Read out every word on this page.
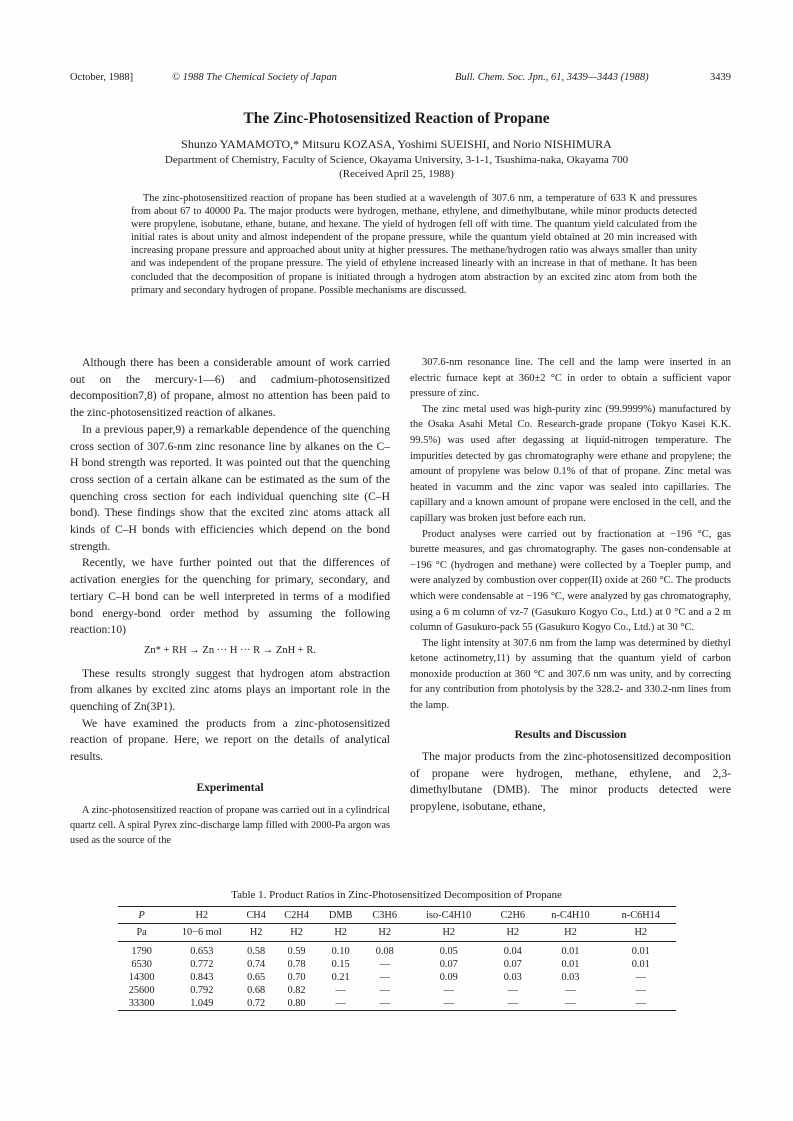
October, 1988]	© 1988 The Chemical Society of Japan	Bull. Chem. Soc. Jpn., 61, 3439—3443 (1988)	3439
The Zinc-Photosensitized Reaction of Propane
Shunzo YAMAMOTO,* Mitsuru KOZASA, Yoshimi SUEISHI, and Norio NISHIMURA
Department of Chemistry, Faculty of Science, Okayama University, 3-1-1, Tsushima-naka, Okayama 700
(Received April 25, 1988)

The zinc-photosensitized reaction of propane has been studied at a wavelength of 307.6 nm, a temperature of 633 K and pressures from about 67 to 40000 Pa. The major products were hydrogen, methane, ethylene, and dimethylbutane, while minor products detected were propylene, isobutane, ethane, butane, and hexane. The yield of hydrogen fell off with time. The quantum yield calculated from the initial rates is about unity and almost independent of the propane pressure, while the quantum yield obtained at 20 min increased with increasing propane pressure and approached about unity at higher pressures. The methane/hydrogen ratio was always smaller than unity and was independent of the propane pressure. The yield of ethylene increased linearly with an increase in that of methane. It has been concluded that the decomposition of propane is initiated through a hydrogen atom abstraction by an excited zinc atom from both the primary and secondary hydrogen of propane. Possible mechanisms are discussed.

Although there has been a considerable amount of work carried out on the mercury-1—6) and cadmium-photosensitized decomposition7,8) of propane, almost no attention has been paid to the zinc-photosensitized reaction of alkanes.

In a previous paper,9) a remarkable dependence of the quenching cross section of 307.6-nm zinc resonance line by alkanes on the C–H bond strength was reported. It was pointed out that the quenching cross section of a certain alkane can be estimated as the sum of the quenching cross section for each individual quenching site (C–H bond). These findings show that the excited zinc atoms attack all kinds of C–H bonds with efficiencies which depend on the bond strength.

Recently, we have further pointed out that the differences of activation energies for the quenching for primary, secondary, and tertiary C–H bond can be well interpreted in terms of a modified bond energy-bond order method by assuming the following reaction:10)

Zn* + RH → Zn ··· H ··· R → ZnH + R.

These results strongly suggest that hydrogen atom abstraction from alkanes by excited zinc atoms plays an important role in the quenching of Zn(3P1).

We have examined the products from a zinc-photosensitized reaction of propane. Here, we report on the details of analytical results.

Experimental

A zinc-photosensitized reaction of propane was carried out in a cylindrical quartz cell. A spiral Pyrex zinc-discharge lamp filled with 2000-Pa argon was used as the source of the

307.6-nm resonance line. The cell and the lamp were inserted in an electric furnace kept at 360±2 °C in order to obtain a sufficient vapor pressure of zinc.

The zinc metal used was high-purity zinc (99.9999%) manufactured by the Osaka Asahi Metal Co. Research-grade propane (Tokyo Kasei K.K. 99.5%) was used after degassing at liquid-nitrogen temperature. The impurities detected by gas chromatography were ethane and propylene; the amount of propylene was below 0.1% of that of propane. Zinc metal was heated in vacumm and the zinc vapor was sealed into capillaries. The capillary and a known amount of propane were enclosed in the cell, and the capillary was broken just before each run.

Product analyses were carried out by fractionation at −196 °C, gas burette measures, and gas chromatography. The gases non-condensable at −196 °C (hydrogen and methane) were collected by a Toepler pump, and were analyzed by combustion over copper(II) oxide at 260 °C. The products which were condensable at −196 °C, were analyzed by gas chromatography, using a 6 m column of vz-7 (Gasukuro Kogyo Co., Ltd.) at 0 °C and a 2 m column of Gasukuro-pack 55 (Gasukuro Kogyo Co., Ltd.) at 30 °C.

The light intensity at 307.6 nm from the lamp was determined by diethyl ketone actinometry,11) by assuming that the quantum yield of carbon monoxide production at 360 °C and 307.6 nm was unity, and by correcting for any contribution from photolysis by the 328.2- and 330.2-nm lines from the lamp.

Results and Discussion

The major products from the zinc-photosensitized decomposition of propane were hydrogen, methane, ethylene, and 2,3-dimethylbutane (DMB). The minor products detected were propylene, isobutane, ethane,

Table 1. Product Ratios in Zinc-Photosensitized Decomposition of Propane
P	H2	CH4	C2H4	DMB	C3H6	iso-C4H10	C2H6	n-C4H10	n-C6H14
Pa	10−6 mol	H2	H2	H2	H2	H2	H2	H2	H2
1790	0.653	0.58	0.59	0.10	0.08	0.05	0.04	0.01	0.01
6530	0.772	0.74	0.78	0.15	—	0.07	0.07	0.01	0.01
14300	0.843	0.65	0.70	0.21	—	0.09	0.03	0.03	—
25600	0.792	0.68	0.82	—	—	—	—	—	—
33300	1.049	0.72	0.80	—	—	—	—	—	—
